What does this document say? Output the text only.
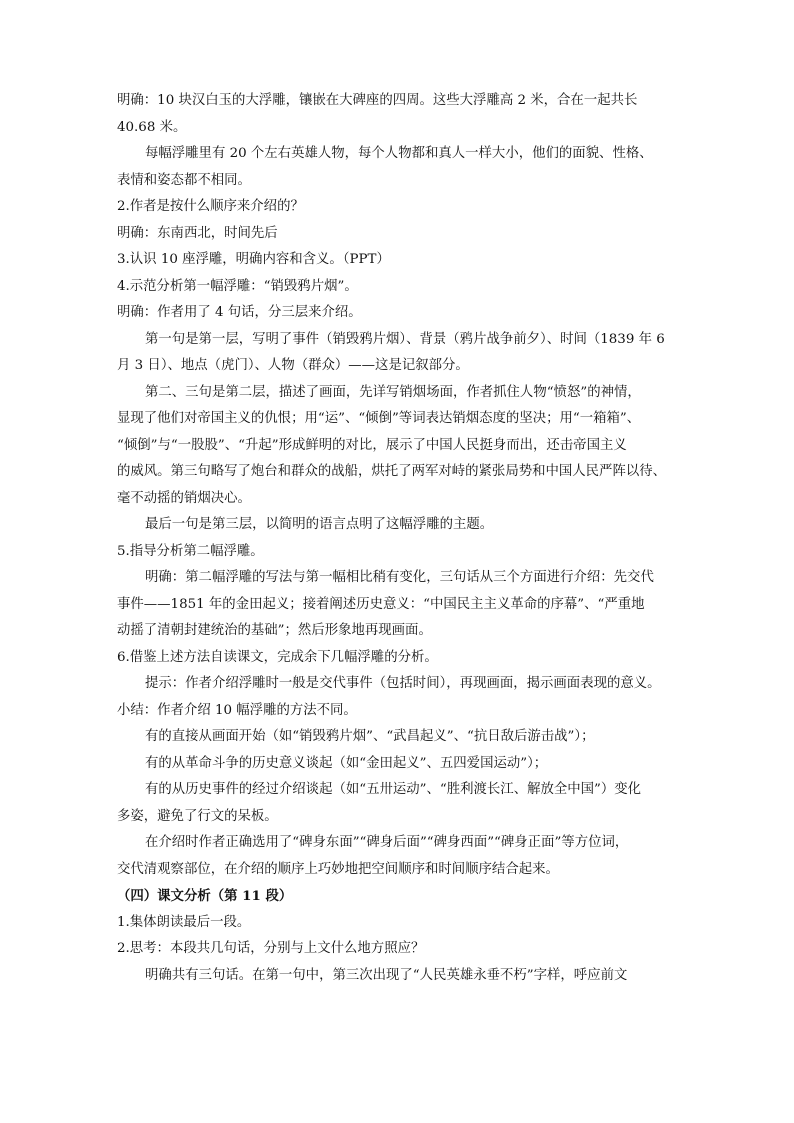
明确：10 块汉白玉的大浮雕，镶嵌在大碑座的四周。这些大浮雕高 2 米，合在一起共长
40.68 米。
每幅浮雕里有 20 个左右英雄人物，每个人物都和真人一样大小，他们的面貌、性格、
表情和姿态都不相同。
2.作者是按什么顺序来介绍的？
明确：东南西北，时间先后
3.认识 10 座浮雕，明确内容和含义。（PPT）
4.示范分析第一幅浮雕：“销毁鸦片烟”。
明确：作者用了 4 句话，分三层来介绍。
第一句是第一层，写明了事件（销毁鸦片烟）、背景（鸦片战争前夕）、时间（1839 年 6
月 3 日）、地点（虎门）、人物（群众）——这是记叙部分。
第二、三句是第二层，描述了画面，先详写销烟场面，作者抓住人物“愤怒”的神情，
显现了他们对帝国主义的仇恨；用“运”、“倾倒”等词表达销烟态度的坚决；用“一箱箱”、
“倾倒”与“一股股”、“升起”形成鲜明的对比，展示了中国人民挺身而出，还击帝国主义
的威风。第三句略写了炮台和群众的战船，烘托了两军对峙的紧张局势和中国人民严阵以待、
毫不动摇的销烟决心。
最后一句是第三层，以简明的语言点明了这幅浮雕的主题。
5.指导分析第二幅浮雕。
明确：第二幅浮雕的写法与第一幅相比稍有变化，三句话从三个方面进行介绍：先交代
事件——1851 年的金田起义；接着阐述历史意义：“中国民主主义革命的序幕”、“严重地
动摇了清朝封建统治的基础”；然后形象地再现画面。
6.借鉴上述方法自读课文，完成余下几幅浮雕的分析。
提示：作者介绍浮雕时一般是交代事件（包括时间），再现画面，揭示画面表现的意义。
小结：作者介绍 10 幅浮雕的方法不同。
有的直接从画面开始（如“销毁鸦片烟”、“武昌起义”、“抗日敌后游击战”）；
有的从革命斗争的历史意义谈起（如“金田起义”、五四爱国运动”）；
有的从历史事件的经过介绍谈起（如“五卅运动”、“胜利渡长江、解放全中国”）变化
多姿，避免了行文的呆板。
在介绍时作者正确选用了“碑身东面”“碑身后面”“碑身西面”“碑身正面”等方位词，
交代清观察部位，在介绍的顺序上巧妙地把空间顺序和时间顺序结合起来。
（四）课文分析（第 11 段）
1.集体朗读最后一段。
2.思考：本段共几句话，分别与上文什么地方照应？
明确共有三句话。在第一句中，第三次出现了“人民英雄永垂不朽”字样，呼应前文
